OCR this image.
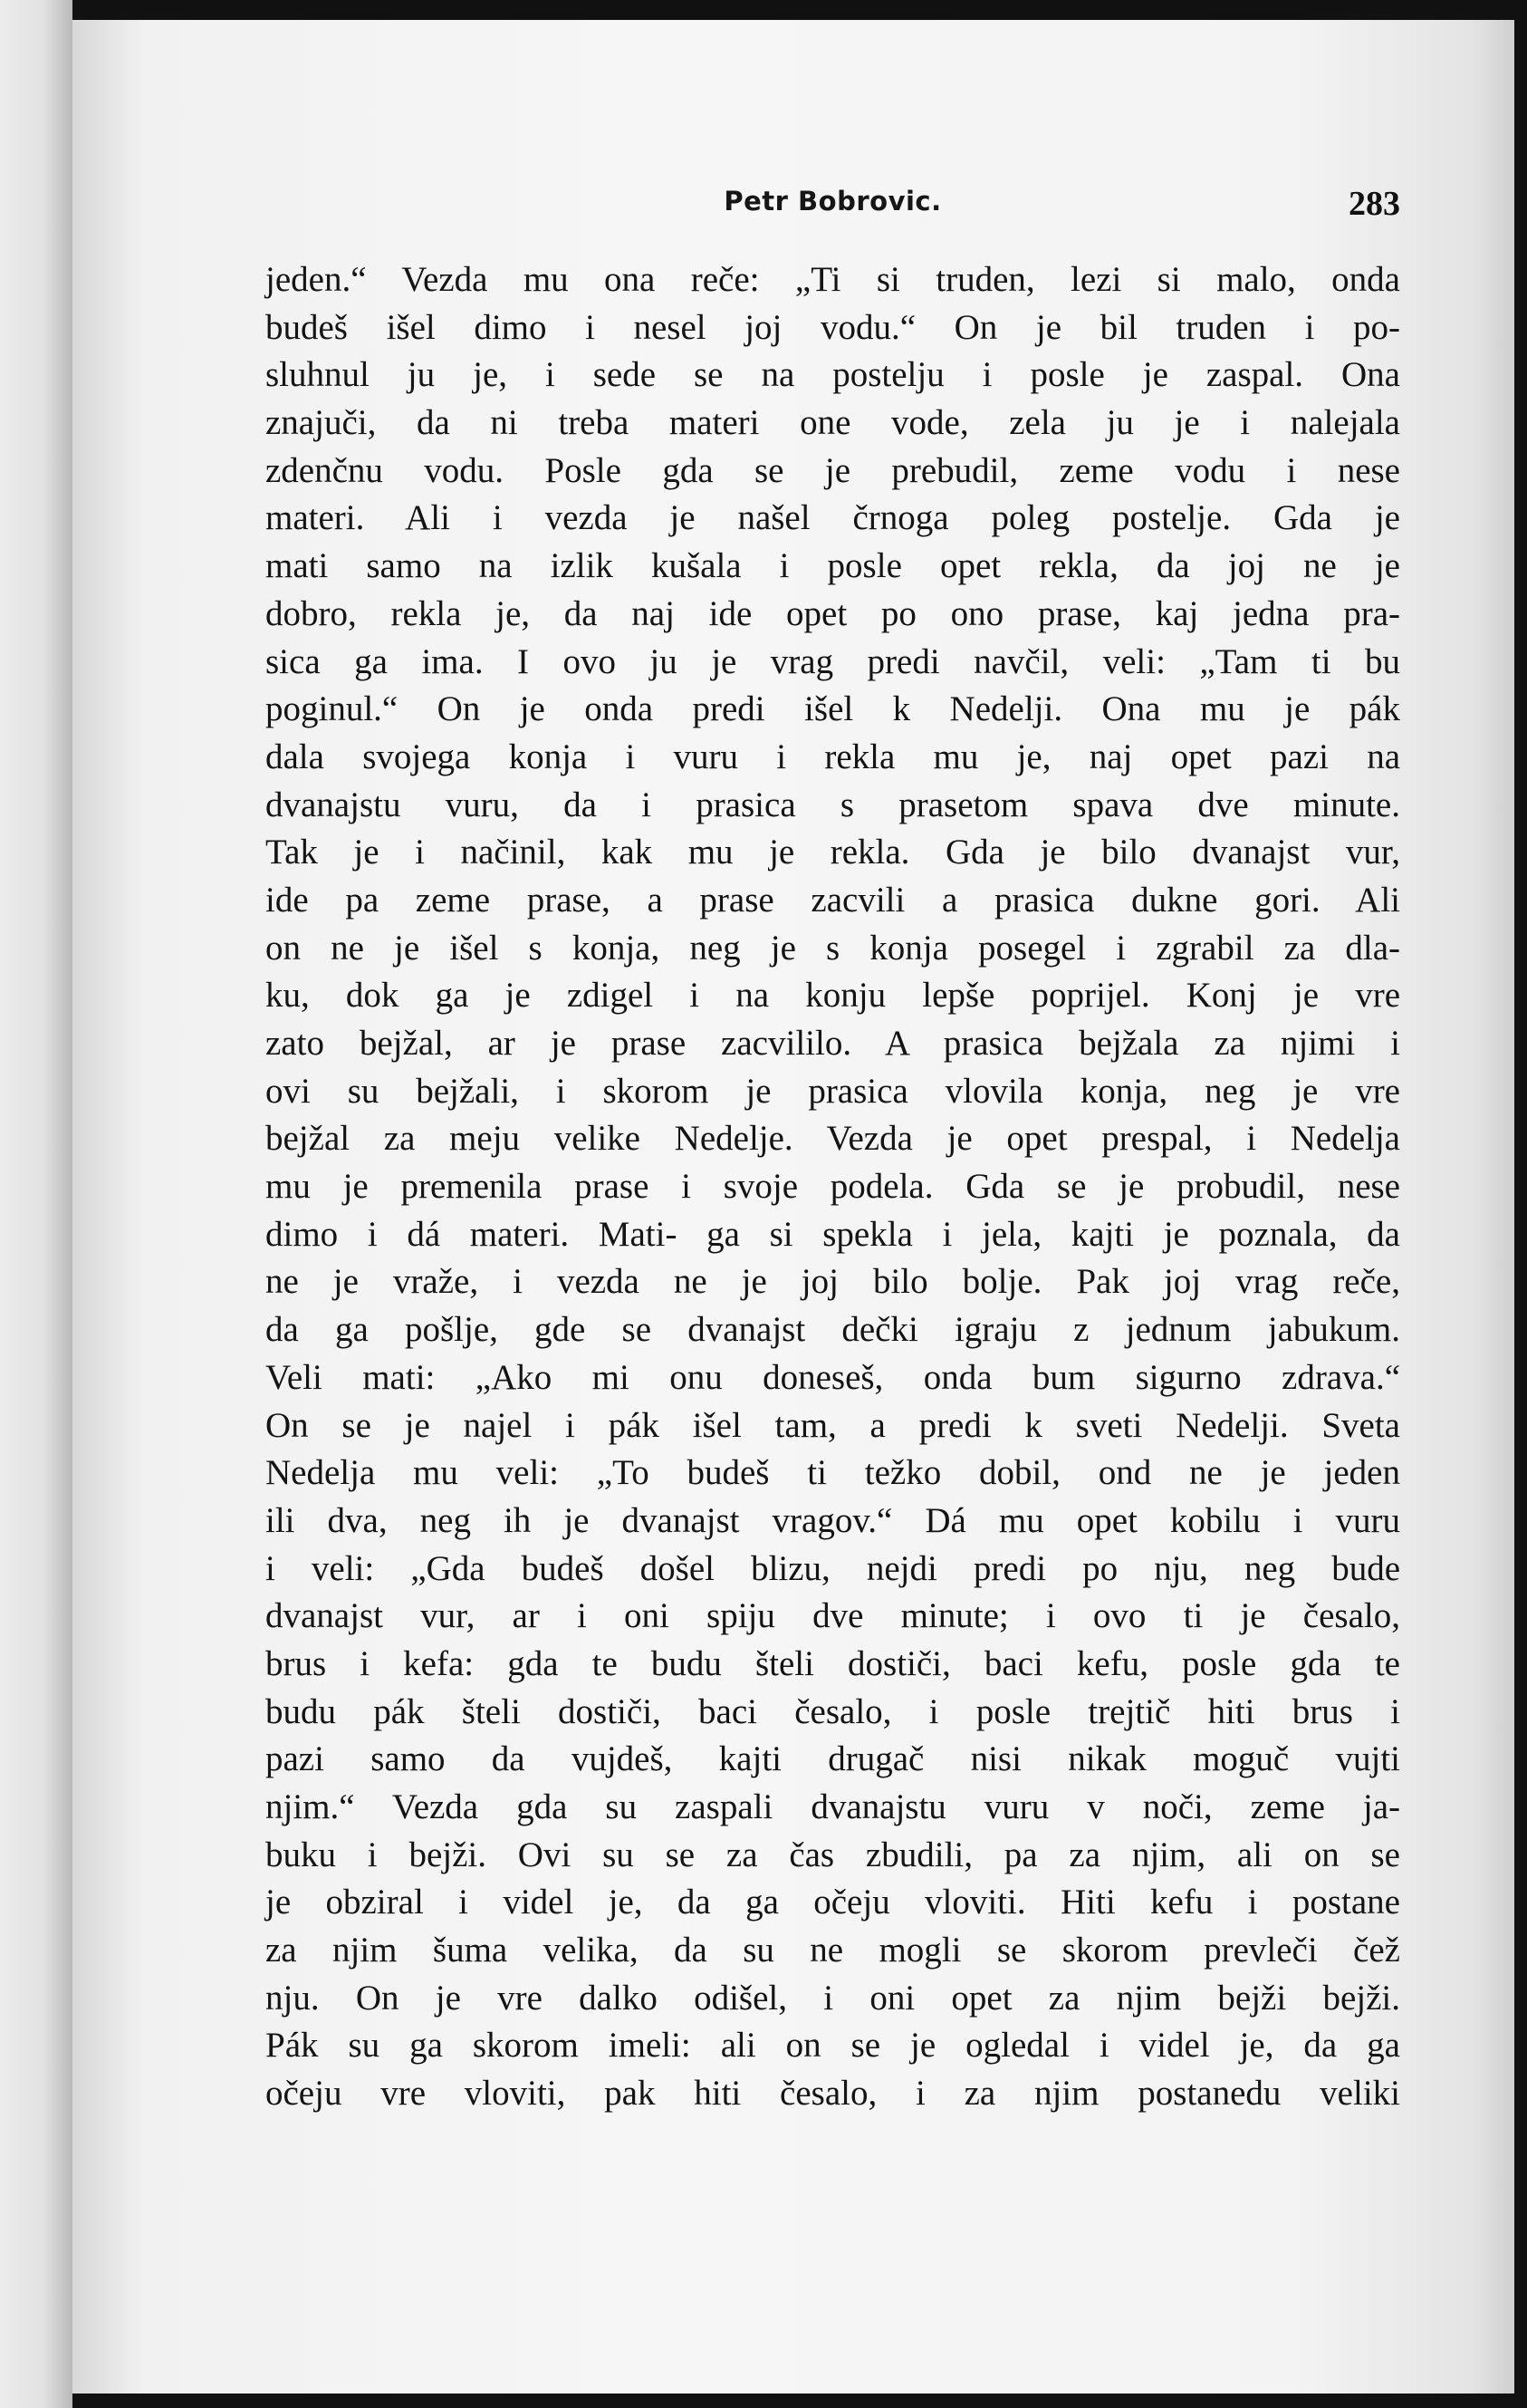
Petr Bobrovic.	283
jeden.“ Vezda mu ona reče: „Ti si truden, lezi si malo, onda
budeš išel dimo i nesel joj vodu.“ On je bil truden i po-
sluhnul ju je, i sede se na postelju i posle je zaspal. Ona
znajuči, da ni treba materi one vode, zela ju je i nalejala
zdenčnu vodu. Posle gda se je prebudil, zeme vodu i nese
materi. Ali i vezda je našel črnoga poleg postelje. Gda je
mati samo na izlik kušala i posle opet rekla, da joj ne je
dobro, rekla je, da naj ide opet po ono prase, kaj jedna pra-
sica ga ima. I ovo ju je vrag predi navčil, veli: „Tam ti bu
poginul.“ On je onda predi išel k Nedelji. Ona mu je pák
dala svojega konja i vuru i rekla mu je, naj opet pazi na
dvanajstu vuru, da i prasica s prasetom spava dve minute.
Tak je i načinil, kak mu je rekla. Gda je bilo dvanajst vur,
ide pa zeme prase, a prase zacvili a prasica dukne gori. Ali
on ne je išel s konja, neg je s konja posegel i zgrabil za dla-
ku, dok ga je zdigel i na konju lepše poprijel. Konj je vre
zato bejžal, ar je prase zacvililo. A prasica bejžala za njimi i
ovi su bejžali, i skorom je prasica vlovila konja, neg je vre
bejžal za meju velike Nedelje. Vezda je opet prespal, i Nedelja
mu je premenila prase i svoje podela. Gda se je probudil, nese
dimo i dá materi. Mati- ga si spekla i jela, kajti je poznala, da
ne je vraže, i vezda ne je joj bilo bolje. Pak joj vrag reče,
da ga pošlje, gde se dvanajst dečki igraju z jednum jabukum.
Veli mati: „Ako mi onu doneseš, onda bum sigurno zdrava.“
On se je najel i pák išel tam, a predi k sveti Nedelji. Sveta
Nedelja mu veli: „To budeš ti težko dobil, ond ne je jeden
ili dva, neg ih je dvanajst vragov.“ Dá mu opet kobilu i vuru
i veli: „Gda budeš došel blizu, nejdi predi po nju, neg bude
dvanajst vur, ar i oni spiju dve minute; i ovo ti je česalo,
brus i kefa: gda te budu šteli dostiči, baci kefu, posle gda te
budu pák šteli dostiči, baci česalo, i posle trejtič hiti brus i
pazi samo da vujdeš, kajti drugač nisi nikak moguč vujti
njim.“ Vezda gda su zaspali dvanajstu vuru v noči, zeme ja-
buku i bejži. Ovi su se za čas zbudili, pa za njim, ali on se
je obziral i videl je, da ga očeju vloviti. Hiti kefu i postane
za njim šuma velika, da su ne mogli se skorom prevleči čež
nju. On je vre dalko odišel, i oni opet za njim bejži bejži.
Pák su ga skorom imeli: ali on se je ogledal i videl je, da ga
očeju vre vloviti, pak hiti česalo, i za njim postanedu veliki
